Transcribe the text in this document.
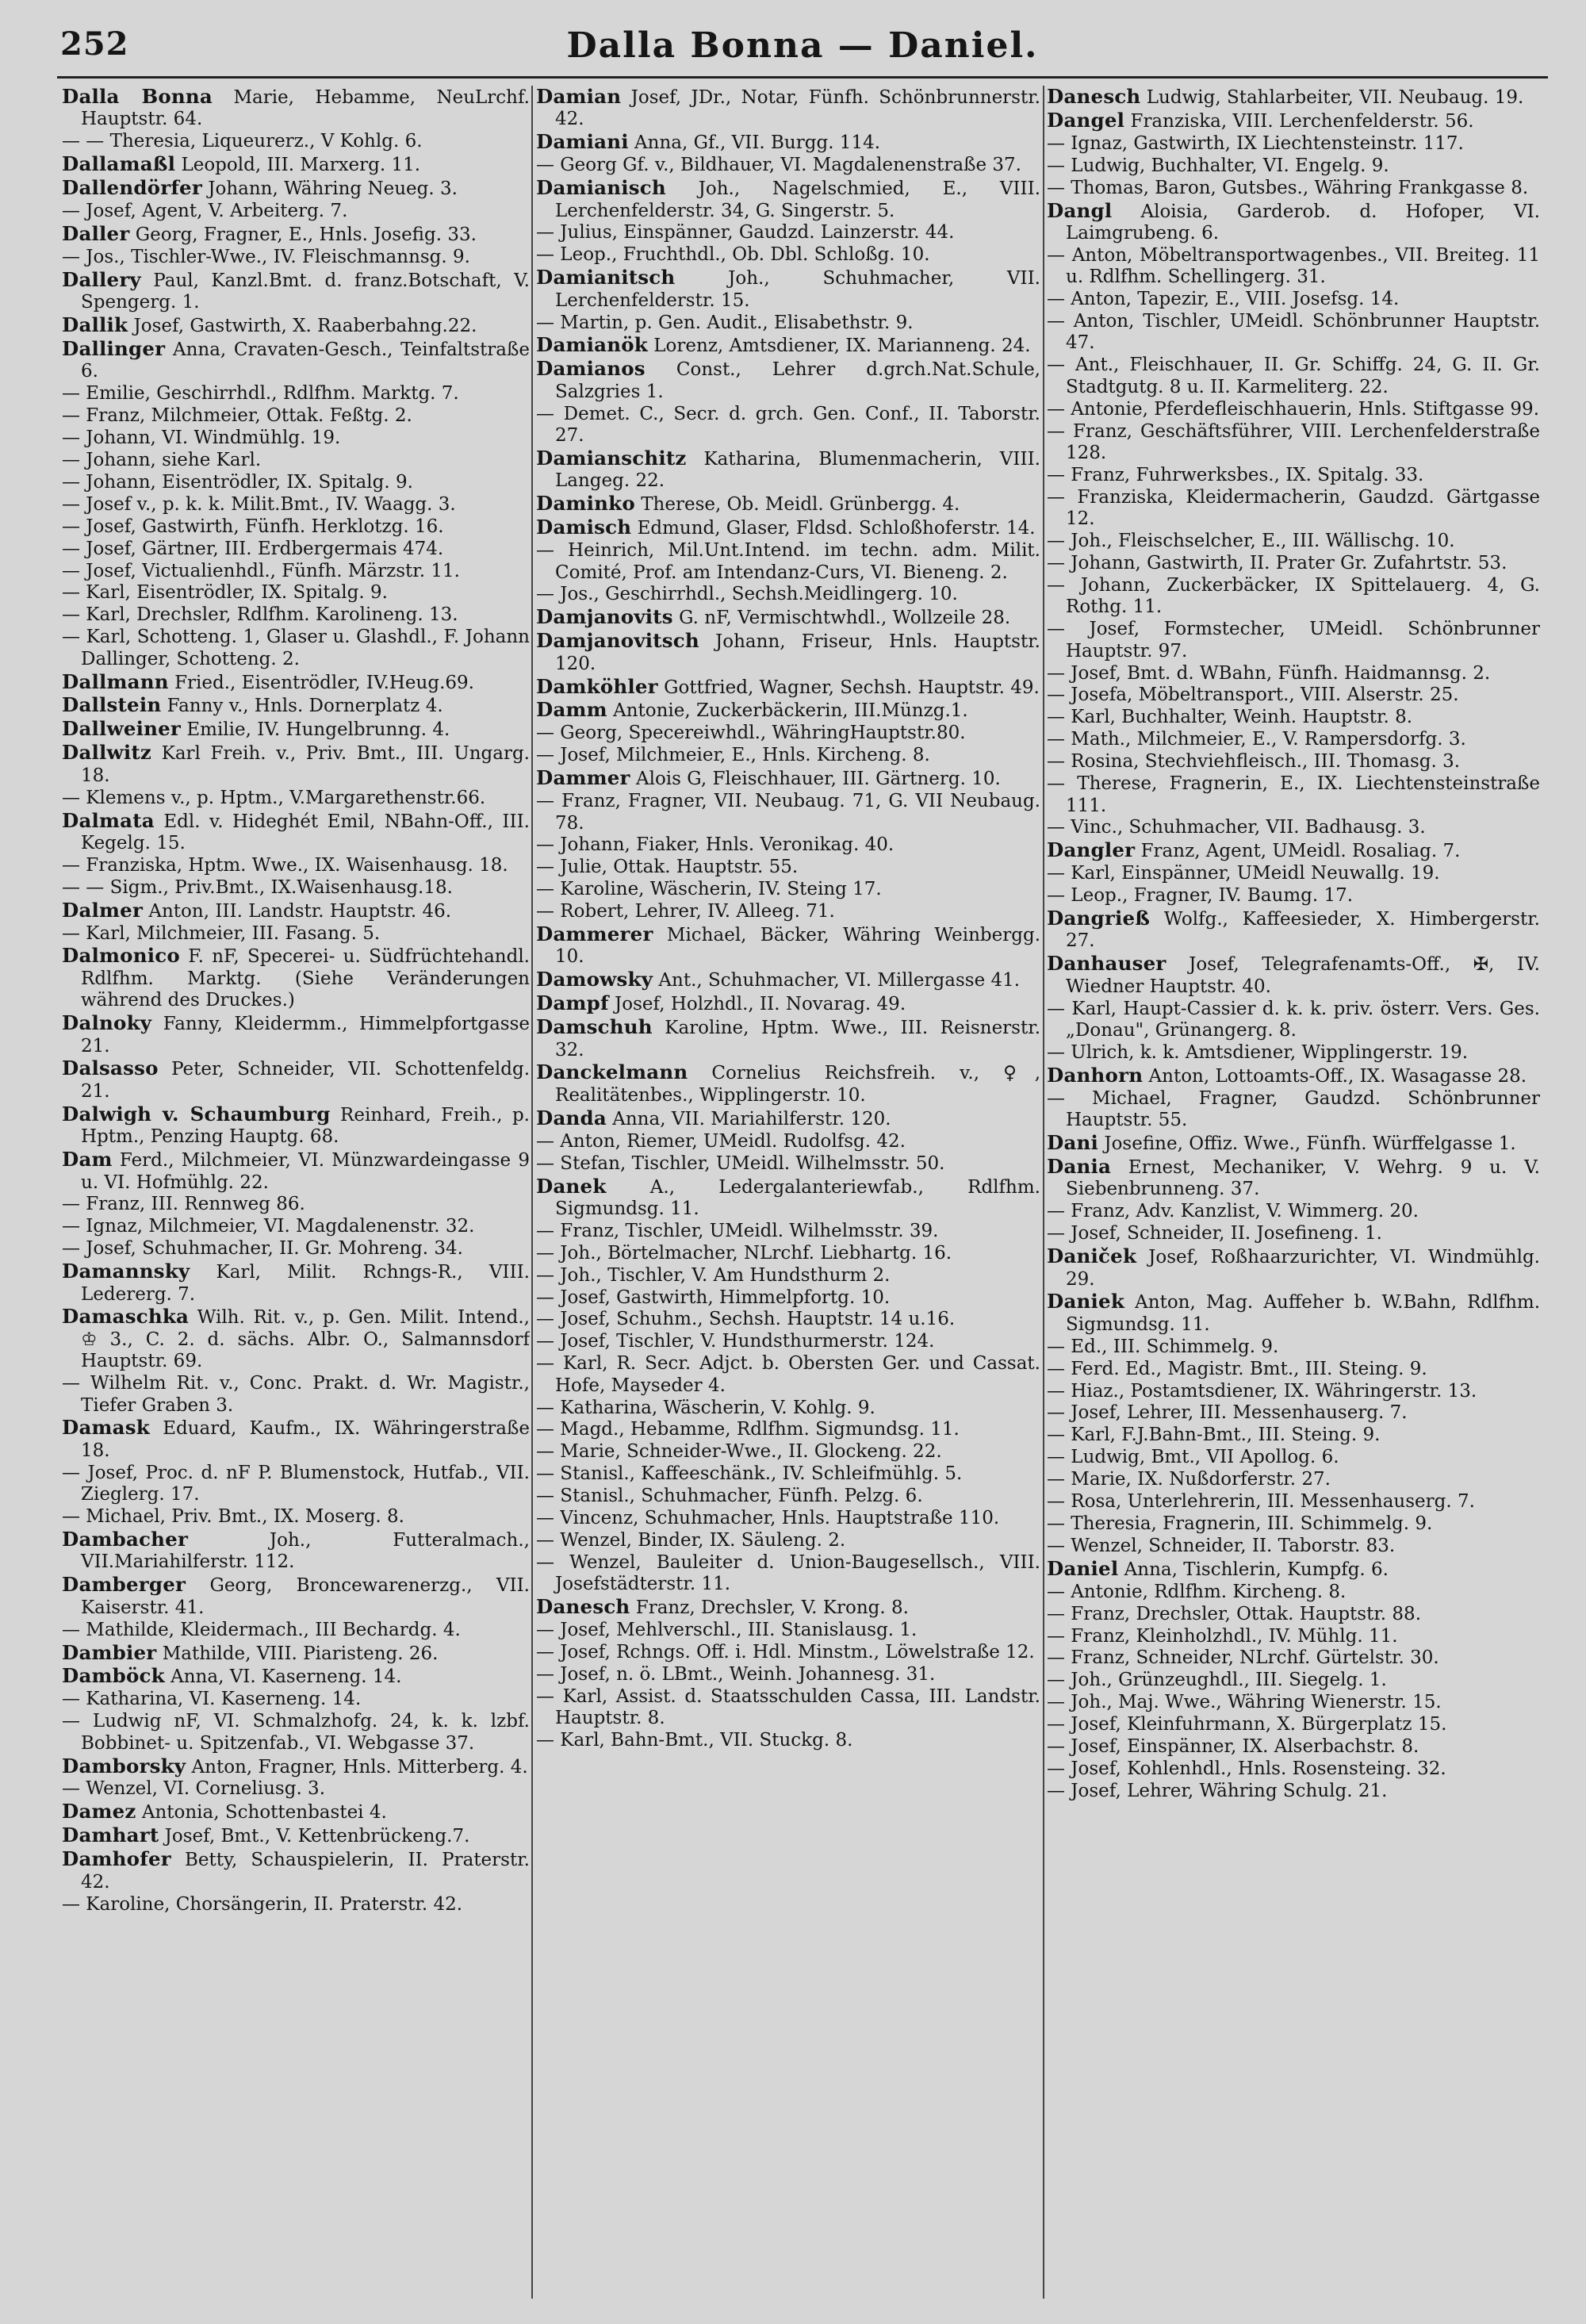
252	Dalla Bonna — Daniel.

Dalla Bonna Marie, Hebamme, NeuLrchf. Hauptstr. 64.

— — Theresia, Liqueurerz., V Kohlg. 6.

Dallamaßl Leopold, III. Marxerg. 11.

Dallendörfer Johann, Währing Neueg. 3.

— Josef, Agent, V. Arbeiterg. 7.

Daller Georg, Fragner, E., Hnls. Josefig. 33.

— Jos., Tischler-Wwe., IV. Fleischmannsg. 9.

Dallery Paul, Kanzl.Bmt. d. franz.Botschaft, V. Spengerg. 1.

Dallik Josef, Gastwirth, X. Raaberbahng.22.

Dallinger Anna, Cravaten-Gesch., Teinfaltstraße 6.

— Emilie, Geschirrhdl., Rdlfhm. Marktg. 7.

— Franz, Milchmeier, Ottak. Feßtg. 2.

— Johann, VI. Windmühlg. 19.

— Johann, siehe Karl.

— Johann, Eisentrödler, IX. Spitalg. 9.

— Josef v., p. k. k. Milit.Bmt., IV. Waagg. 3.

— Josef, Gastwirth, Fünfh. Herklotzg. 16.

— Josef, Gärtner, III. Erdbergermais 474.

— Josef, Victualienhdl., Fünfh. Märzstr. 11.

— Karl, Eisentrödler, IX. Spitalg. 9.

— Karl, Drechsler, Rdlfhm. Karolineng. 13.

— Karl, Schotteng. 1, Glaser u. Glashdl., F. Johann Dallinger, Schotteng. 2.

Dallmann Fried., Eisentrödler, IV.Heug.69.

Dallstein Fanny v., Hnls. Dornerplatz 4.

Dallweiner Emilie, IV. Hungelbrunng. 4.

Dallwitz Karl Freih. v., Priv. Bmt., III. Ungarg. 18.

— Klemens v., p. Hptm., V.Margarethenstr.66.

Dalmata Edl. v. Hideghét Emil, NBahn-Off., III. Kegelg. 15.

— Franziska, Hptm. Wwe., IX. Waisenhausg. 18.

— — Sigm., Priv.Bmt., IX.Waisenhausg.18.

Dalmer Anton, III. Landstr. Hauptstr. 46.

— Karl, Milchmeier, III. Fasang. 5.

Dalmonico F. nF, Specerei- u. Südfrüchtehandl. Rdlfhm. Marktg. (Siehe Veränderungen während des Druckes.)

Dalnoky Fanny, Kleidermm., Himmelpfortgasse 21.

Dalsasso Peter, Schneider, VII. Schottenfeldg. 21.

Dalwigh v. Schaumburg Reinhard, Freih., p. Hptm., Penzing Hauptg. 68.

Dam Ferd., Milchmeier, VI. Münzwardeingasse 9 u. VI. Hofmühlg. 22.

— Franz, III. Rennweg 86.

— Ignaz, Milchmeier, VI. Magdalenenstr. 32.

— Josef, Schuhmacher, II. Gr. Mohreng. 34.

Damannsky Karl, Milit. Rchngs-R., VIII. Ledererg. 7.

Damaschka Wilh. Rit. v., p. Gen. Milit. Intend., ♔ 3., C. 2. d. sächs. Albr. O., Salmannsdorf Hauptstr. 69.

— Wilhelm Rit. v., Conc. Prakt. d. Wr. Magistr., Tiefer Graben 3.

Damask Eduard, Kaufm., IX. Währingerstraße 18.

— Josef, Proc. d. nF P. Blumenstock, Hutfab., VII. Zieglerg. 17.

— Michael, Priv. Bmt., IX. Moserg. 8.

Dambacher Joh., Futteralmach., VII.Mariahilferstr. 112.

Damberger Georg, Broncewarenerzg., VII. Kaiserstr. 41.

— Mathilde, Kleidermach., III Bechardg. 4.

Dambier Mathilde, VIII. Piaristeng. 26.

Damböck Anna, VI. Kaserneng. 14.

— Katharina, VI. Kaserneng. 14.

— Ludwig nF, VI. Schmalzhofg. 24, k. k. lzbf. Bobbinet- u. Spitzenfab., VI. Webgasse 37.

Damborsky Anton, Fragner, Hnls. Mitterberg. 4.

— Wenzel, VI. Corneliusg. 3.

Damez Antonia, Schottenbastei 4.

Damhart Josef, Bmt., V. Kettenbrückeng.7.

Damhofer Betty, Schauspielerin, II. Praterstr. 42.

— Karoline, Chorsängerin, II. Praterstr. 42.

Damian Josef, JDr., Notar, Fünfh. Schönbrunnerstr. 42.

Damiani Anna, Gf., VII. Burgg. 114.

— Georg Gf. v., Bildhauer, VI. Magdalenenstraße 37.

Damianisch Joh., Nagelschmied, E., VIII. Lerchenfelderstr. 34, G. Singerstr. 5.

— Julius, Einspänner, Gaudzd. Lainzerstr. 44.

— Leop., Fruchthdl., Ob. Dbl. Schloßg. 10.

Damianitsch Joh., Schuhmacher, VII. Lerchenfelderstr. 15.

— Martin, p. Gen. Audit., Elisabethstr. 9.

Damianök Lorenz, Amtsdiener, IX. Marianneng. 24.

Damianos Const., Lehrer d.grch.Nat.Schule, Salzgries 1.

— Demet. C., Secr. d. grch. Gen. Conf., II. Taborstr. 27.

Damianschitz Katharina, Blumenmacherin, VIII. Langeg. 22.

Daminko Therese, Ob. Meidl. Grünbergg. 4.

Damisch Edmund, Glaser, Fldsd. Schloßhoferstr. 14.

— Heinrich, Mil.Unt.Intend. im techn. adm. Milit. Comité, Prof. am Intendanz-Curs, VI. Bieneng. 2.

— Jos., Geschirrhdl., Sechsh.Meidlingerg. 10.

Damjanovits G. nF, Vermischtwhdl., Wollzeile 28.

Damjanovitsch Johann, Friseur, Hnls. Hauptstr. 120.

Damköhler Gottfried, Wagner, Sechsh. Hauptstr. 49.

Damm Antonie, Zuckerbäckerin, III.Münzg.1.

— Georg, Specereiwhdl., WähringHauptstr.80.

— Josef, Milchmeier, E., Hnls. Kircheng. 8.

Dammer Alois G, Fleischhauer, III. Gärtnerg. 10.

— Franz, Fragner, VII. Neubaug. 71, G. VII Neubaug. 78.

— Johann, Fiaker, Hnls. Veronikag. 40.

— Julie, Ottak. Hauptstr. 55.

— Karoline, Wäscherin, IV. Steing 17.

— Robert, Lehrer, IV. Alleeg. 71.

Dammerer Michael, Bäcker, Währing Weinbergg. 10.

Damowsky Ant., Schuhmacher, VI. Millergasse 41.

Dampf Josef, Holzhdl., II. Novarag. 49.

Damschuh Karoline, Hptm. Wwe., III. Reisnerstr. 32.

Danckelmann Cornelius Reichsfreih. v., ♀, Realitätenbes., Wipplingerstr. 10.

Danda Anna, VII. Mariahilferstr. 120.

— Anton, Riemer, UMeidl. Rudolfsg. 42.

— Stefan, Tischler, UMeidl. Wilhelmsstr. 50.

Danek A., Ledergalanteriewfab., Rdlfhm. Sigmundsg. 11.

— Franz, Tischler, UMeidl. Wilhelmsstr. 39.

— Joh., Börtelmacher, NLrchf. Liebhartg. 16.

— Joh., Tischler, V. Am Hundsthurm 2.

— Josef, Gastwirth, Himmelpfortg. 10.

— Josef, Schuhm., Sechsh. Hauptstr. 14 u.16.

— Josef, Tischler, V. Hundsthurmerstr. 124.

— Karl, R. Secr. Adjct. b. Obersten Ger. und Cassat. Hofe, Mayseder 4.

— Katharina, Wäscherin, V. Kohlg. 9.

— Magd., Hebamme, Rdlfhm. Sigmundsg. 11.

— Marie, Schneider-Wwe., II. Glockeng. 22.

— Stanisl., Kaffeeschänk., IV. Schleifmühlg. 5.

— Stanisl., Schuhmacher, Fünfh. Pelzg. 6.

— Vincenz, Schuhmacher, Hnls. Hauptstraße 110.

— Wenzel, Binder, IX. Säuleng. 2.

— Wenzel, Bauleiter d. Union-Baugesellsch., VIII. Josefstädterstr. 11.

Danesch Franz, Drechsler, V. Krong. 8.

— Josef, Mehlverschl., III. Stanislausg. 1.

— Josef, Rchngs. Off. i. Hdl. Minstm., Löwelstraße 12.

— Josef, n. ö. LBmt., Weinh. Johannesg. 31.

— Karl, Assist. d. Staatsschulden Cassa, III. Landstr. Hauptstr. 8.

— Karl, Bahn-Bmt., VII. Stuckg. 8.

Danesch Ludwig, Stahlarbeiter, VII. Neubaug. 19.

Dangel Franziska, VIII. Lerchenfelderstr. 56.

— Ignaz, Gastwirth, IX Liechtensteinstr. 117.

— Ludwig, Buchhalter, VI. Engelg. 9.

— Thomas, Baron, Gutsbes., Währing Frankgasse 8.

Dangl Aloisia, Garderob. d. Hofoper, VI. Laimgrubeng. 6.

— Anton, Möbeltransportwagenbes., VII. Breiteg. 11 u. Rdlfhm. Schellingerg. 31.

— Anton, Tapezir, E., VIII. Josefsg. 14.

— Anton, Tischler, UMeidl. Schönbrunner Hauptstr. 47.

— Ant., Fleischhauer, II. Gr. Schiffg. 24, G. II. Gr. Stadtgutg. 8 u. II. Karmeliterg. 22.

— Antonie, Pferdefleischhauerin, Hnls. Stiftgasse 99.

— Franz, Geschäftsführer, VIII. Lerchenfelderstraße 128.

— Franz, Fuhrwerksbes., IX. Spitalg. 33.

— Franziska, Kleidermacherin, Gaudzd. Gärtgasse 12.

— Joh., Fleischselcher, E., III. Wällischg. 10.

— Johann, Gastwirth, II. Prater Gr. Zufahrtstr. 53.

— Johann, Zuckerbäcker, IX Spittelauerg. 4, G. Rothg. 11.

— Josef, Formstecher, UMeidl. Schönbrunner Hauptstr. 97.

— Josef, Bmt. d. WBahn, Fünfh. Haidmannsg. 2.

— Josefa, Möbeltransport., VIII. Alserstr. 25.

— Karl, Buchhalter, Weinh. Hauptstr. 8.

— Math., Milchmeier, E., V. Rampersdorfg. 3.

— Rosina, Stechviehfleisch., III. Thomasg. 3.

— Therese, Fragnerin, E., IX. Liechtensteinstraße 111.

— Vinc., Schuhmacher, VII. Badhausg. 3.

Dangler Franz, Agent, UMeidl. Rosaliag. 7.

— Karl, Einspänner, UMeidl Neuwallg. 19.

— Leop., Fragner, IV. Baumg. 17.

Dangrieß Wolfg., Kaffeesieder, X. Himbergerstr. 27.

Danhauser Josef, Telegrafenamts-Off., ✠, IV. Wiedner Hauptstr. 40.

— Karl, Haupt-Cassier d. k. k. priv. österr. Vers. Ges. „Donau", Grünangerg. 8.

— Ulrich, k. k. Amtsdiener, Wipplingerstr. 19.

Danhorn Anton, Lottoamts-Off., IX. Wasagasse 28.

— Michael, Fragner, Gaudzd. Schönbrunner Hauptstr. 55.

Dani Josefine, Offiz. Wwe., Fünfh. Würffelgasse 1.

Dania Ernest, Mechaniker, V. Wehrg. 9 u. V. Siebenbrunneng. 37.

— Franz, Adv. Kanzlist, V. Wimmerg. 20.

— Josef, Schneider, II. Josefineng. 1.

Daniček Josef, Roßhaarzurichter, VI. Windmühlg. 29.

Daniek Anton, Mag. Auffeher b. W.Bahn, Rdlfhm. Sigmundsg. 11.

— Ed., III. Schimmelg. 9.

— Ferd. Ed., Magistr. Bmt., III. Steing. 9.

— Hiaz., Postamtsdiener, IX. Währingerstr. 13.

— Josef, Lehrer, III. Messenhauserg. 7.

— Karl, F.J.Bahn-Bmt., III. Steing. 9.

— Ludwig, Bmt., VII Apollog. 6.

— Marie, IX. Nußdorferstr. 27.

— Rosa, Unterlehrerin, III. Messenhauserg. 7.

— Theresia, Fragnerin, III. Schimmelg. 9.

— Wenzel, Schneider, II. Taborstr. 83.

Daniel Anna, Tischlerin, Kumpfg. 6.

— Antonie, Rdlfhm. Kircheng. 8.

— Franz, Drechsler, Ottak. Hauptstr. 88.

— Franz, Kleinholzhdl., IV. Mühlg. 11.

— Franz, Schneider, NLrchf. Gürtelstr. 30.

— Joh., Grünzeughdl., III. Siegelg. 1.

— Joh., Maj. Wwe., Währing Wienerstr. 15.

— Josef, Kleinfuhrmann, X. Bürgerplatz 15.

— Josef, Einspänner, IX. Alserbachstr. 8.

— Josef, Kohlenhdl., Hnls. Rosensteing. 32.

— Josef, Lehrer, Währing Schulg. 21.
